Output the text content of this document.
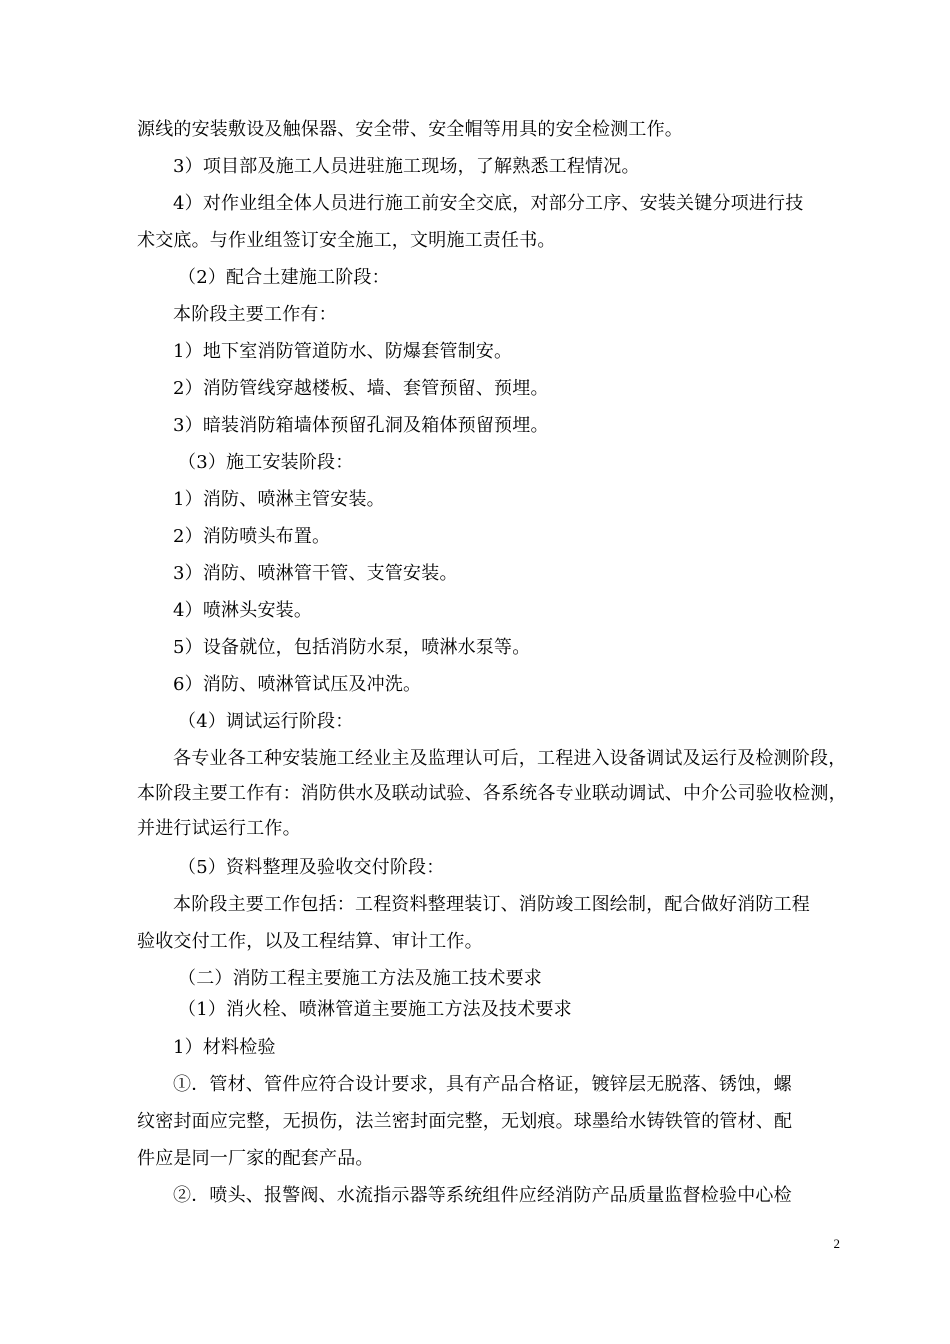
源线的安装敷设及触保器、安全带、安全帽等用具的安全检测工作。
3）项目部及施工人员进驻施工现场，了解熟悉工程情况。
4）对作业组全体人员进行施工前安全交底，对部分工序、安装关键分项进行技
术交底。与作业组签订安全施工，文明施工责任书。
（2）配合土建施工阶段：
本阶段主要工作有：
1）地下室消防管道防水、防爆套管制安。
2）消防管线穿越楼板、墙、套管预留、预埋。
3）暗装消防箱墙体预留孔洞及箱体预留预埋。
（3）施工安装阶段：
1）消防、喷淋主管安装。
2）消防喷头布置。
3）消防、喷淋管干管、支管安装。
4）喷淋头安装。
5）设备就位，包括消防水泵，喷淋水泵等。
6）消防、喷淋管试压及冲洗。
（4）调试运行阶段：
各专业各工种安装施工经业主及监理认可后，工程进入设备调试及运行及检测阶段，
本阶段主要工作有：消防供水及联动试验、各系统各专业联动调试、中介公司验收检测，
并进行试运行工作。
（5）资料整理及验收交付阶段：
本阶段主要工作包括：工程资料整理装订、消防竣工图绘制，配合做好消防工程
验收交付工作，以及工程结算、审计工作。
（二）消防工程主要施工方法及施工技术要求
（1）消火栓、喷淋管道主要施工方法及技术要求
1）材料检验
①．管材、管件应符合设计要求，具有产品合格证，镀锌层无脱落、锈蚀，螺
纹密封面应完整，无损伤，法兰密封面完整，无划痕。球墨给水铸铁管的管材、配
件应是同一厂家的配套产品。
②．喷头、报警阀、水流指示器等系统组件应经消防产品质量监督检验中心检
2
